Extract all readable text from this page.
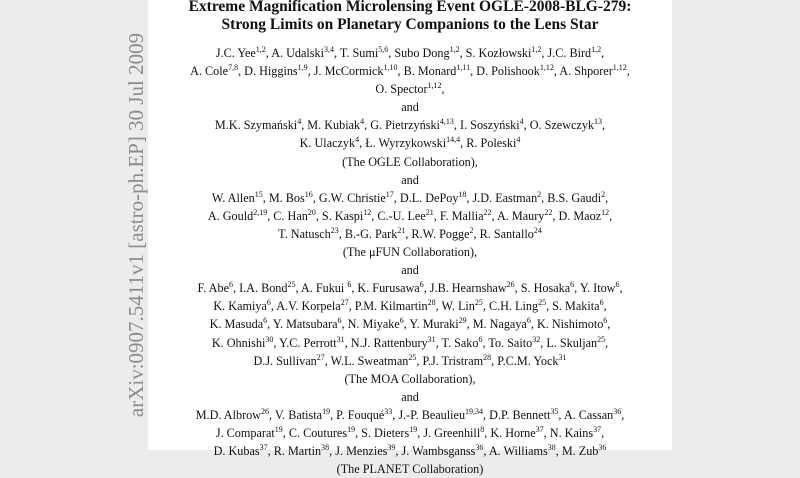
arXiv:0907.5411v1 [astro-ph.EP] 30 Jul 2009
Extreme Magnification Microlensing Event OGLE-2008-BLG-279:
Strong Limits on Planetary Companions to the Lens Star
J.C. Yee$^{1,2}$, A. Udalski$^{3,4}$, T. Sumi$^{5,6}$, Subo Dong$^{1,2}$, S. Kozłowski$^{1,2}$, J.C. Bird$^{1,2}$,
A. Cole$^{7,8}$, D. Higgins$^{1,9}$, J. McCormick$^{1,10}$, B. Monard$^{1,11}$, D. Polishook$^{1,12}$, A. Shporer$^{1,12}$,
O. Spector$^{1,12}$,
and
M.K. Szymański$^4$, M. Kubiak$^4$, G. Pietrzyński$^{4,13}$, I. Soszyński$^4$, O. Szewczyk$^{13}$,
K. Ulaczyk$^4$, Ł. Wyrzykowski$^{14,4}$, R. Poleski$^4$
(The OGLE Collaboration),
and
W. Allen$^{15}$, M. Bos$^{16}$, G.W. Christie$^{17}$, D.L. DePoy$^{18}$, J.D. Eastman$^2$, B.S. Gaudi$^2$,
A. Gould$^{2,19}$, C. Han$^{20}$, S. Kaspi$^{12}$, C.-U. Lee$^{21}$, F. Mallia$^{22}$, A. Maury$^{22}$, D. Maoz$^{12}$,
T. Natusch$^{23}$, B.-G. Park$^{21}$, R.W. Pogge$^2$, R. Santallo$^{24}$
(The μFUN Collaboration),
and
F. Abe$^6$, I.A. Bond$^{25}$, A. Fukui $^6$, K. Furusawa$^6$, J.B. Hearnshaw$^{26}$, S. Hosaka$^6$, Y. Itow$^6$,
K. Kamiya$^6$, A.V. Korpela$^{27}$, P.M. Kilmartin$^{28}$, W. Lin$^{25}$, C.H. Ling$^{25}$, S. Makita$^6$,
K. Masuda$^6$, Y. Matsubara$^6$, N. Miyake$^6$, Y. Muraki$^{29}$, M. Nagaya$^6$, K. Nishimoto$^6$,
K. Ohnishi$^{30}$, Y.C. Perrott$^{31}$, N.J. Rattenbury$^{31}$, T. Sako$^6$, To. Saito$^{32}$, L. Skuljan$^{25}$,
D.J. Sullivan$^{27}$, W.L. Sweatman$^{25}$, P.J. Tristram$^{28}$, P.C.M. Yock$^{31}$
(The MOA Collaboration),
and
M.D. Albrow$^{26}$, V. Batista$^{19}$, P. Fouqué$^{33}$, J.-P. Beaulieu$^{19,34}$, D.P. Bennett$^{35}$, A. Cassan$^{36}$,
J. Comparat$^{19}$, C. Coutures$^{19}$, S. Dieters$^{19}$, J. Greenhill$^8$, K. Horne$^{37}$, N. Kains$^{37}$,
D. Kubas$^{37}$, R. Martin$^{38}$, J. Menzies$^{39}$, J. Wambsganss$^{36}$, A. Williams$^{38}$, M. Zub$^{36}$
(The PLANET Collaboration)
